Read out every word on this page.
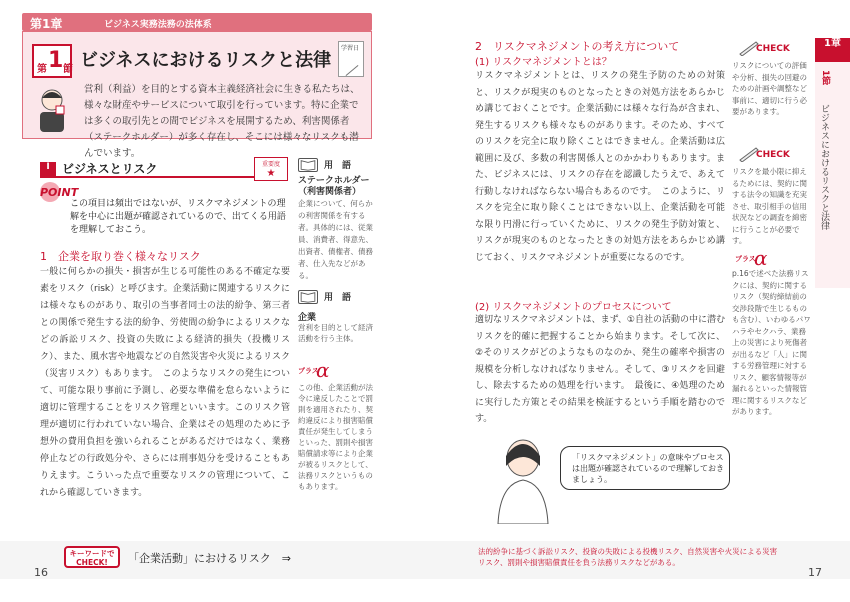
第1章	ビジネス実務法務の法体系
第 1 節 ビジネスにおけるリスクと法律
学習日
営利（利益）を目的とする資本主義経済社会に生きる私たちは、様々な財産やサービスについて取引を行っています。特に企業では多くの取引先との間でビジネスを展開するため、利害関係者（ステークホルダー）が多く存在し、そこには様々なリスクも潜んでいます。
I	ビジネスとリスク	重要度
★
POINT
この項目は頻出ではないが、リスクマネジメントの理解を中心に出題が確認されているので、出てくる用語を理解しておこう。
1　企業を取り巻く様々なリスク
一般に何らかの損失・損害が生じる可能性のある不確定な要素をリスク（risk）と呼びます。企業活動に関連するリスクには様々なものがあり、取引の当事者同士の法的紛争、第三者との関係で発生する法的紛争、労使間の紛争によるリスクなどの訴訟リスク、投資の失敗による経済的損失（投機リスク）、また、風水害や地震などの自然災害や火災によるリスク（災害リスク）もあります。　このようなリスクの発生について、可能な限り事前に予測し、必要な準備を怠らないように適切に管理することをリスク管理といいます。このリスク管理が適切に行われていない場合、企業はその処理のために予想外の費用負担を強いられることがあるだけではなく、業務停止などの行政処分や、さらには刑事処分を受けることもありえます。こういった点で重要なリスクの管理について、これから確認していきます。
用　語
ステークホルダー（利害関係者）
企業について、何らかの利害関係を有する者。具体的には、従業員、消費者、得意先、出資者、債権者、債務者、仕入先などがある。
用　語
企業
営利を目的として経済活動を行う主体。
プラス
α
この他、企業活動が法令に違反したことで罰則を適用されたり、契約違反により損害賠償責任が発生してしまうといった、罰則や損害賠償請求等により企業が被るリスクとして、法務リスクというものもあります。
キーワードでCHECK!	「企業活動」におけるリスク　⇒
16
2　リスクマネジメントの考え方について
(1) リスクマネジメントとは？
リスクマネジメントとは、リスクの発生予防のための対策と、リスクが現実のものとなったときの対処方法をあらかじめ講じておくことです。企業活動には様々な行為が含まれ、発生するリスクも様々なものがあります。そのため、すべてのリスクを完全に取り除くことはできません。企業活動は広範囲に及び、多数の利害関係人とのかかわりもあります。また、ビジネスには、リスクの存在を認識したうえで、あえて行動しなければならない場合もあるのです。　このように、リスクを完全に取り除くことはできない以上、企業活動を可能な限り円滑に行っていくために、リスクの発生予防対策と、リスクが現実のものとなったときの対処方法をあらかじめ講じておく、リスクマネジメントが重要になるのです。
(2) リスクマネジメントのプロセスについて
適切なリスクマネジメントは、まず、①自社の活動の中に潜むリスクを的確に把握することから始まります。そして次に、②そのリスクがどのようなものなのか、発生の確率や損害の規模を分析しなければなりません。そして、③リスクを回避し、除去するための処理を行います。　最後に、④処理のために実行した方策とその結果を検証するという手順を踏むのです。
「リスクマネジメント」の意味やプロセスは出題が確認されているので理解しておきましょう。
CHECK
リスクについての評価や分析、損失の回避のための計画や調整など事前に、適切に行う必要があります。
CHECK
リスクを最小限に抑えるためには、契約に関する法令の知識を充実させ、取引相手の信用状況などの調査を綿密に行うことが必要です。
プラス
α
p.16で述べた法務リスクには、契約に関するリスク（契約締結前の交渉段階で生じるものも含む）、いわゆるパワハラやセクハラ、業務上の災害により死傷者が出るなど「人」に関する労務管理に対するリスク、顧客情報等が漏れるといった情報管理に関するリスクなどがあります。
1章
1節
ビジネスにおけるリスクと法律
法的紛争に基づく訴訟リスク、投資の失敗による投機リスク、自然災害や火災による災害リスク、罰則や損害賠償責任を負う法務リスクなどがある。
17
